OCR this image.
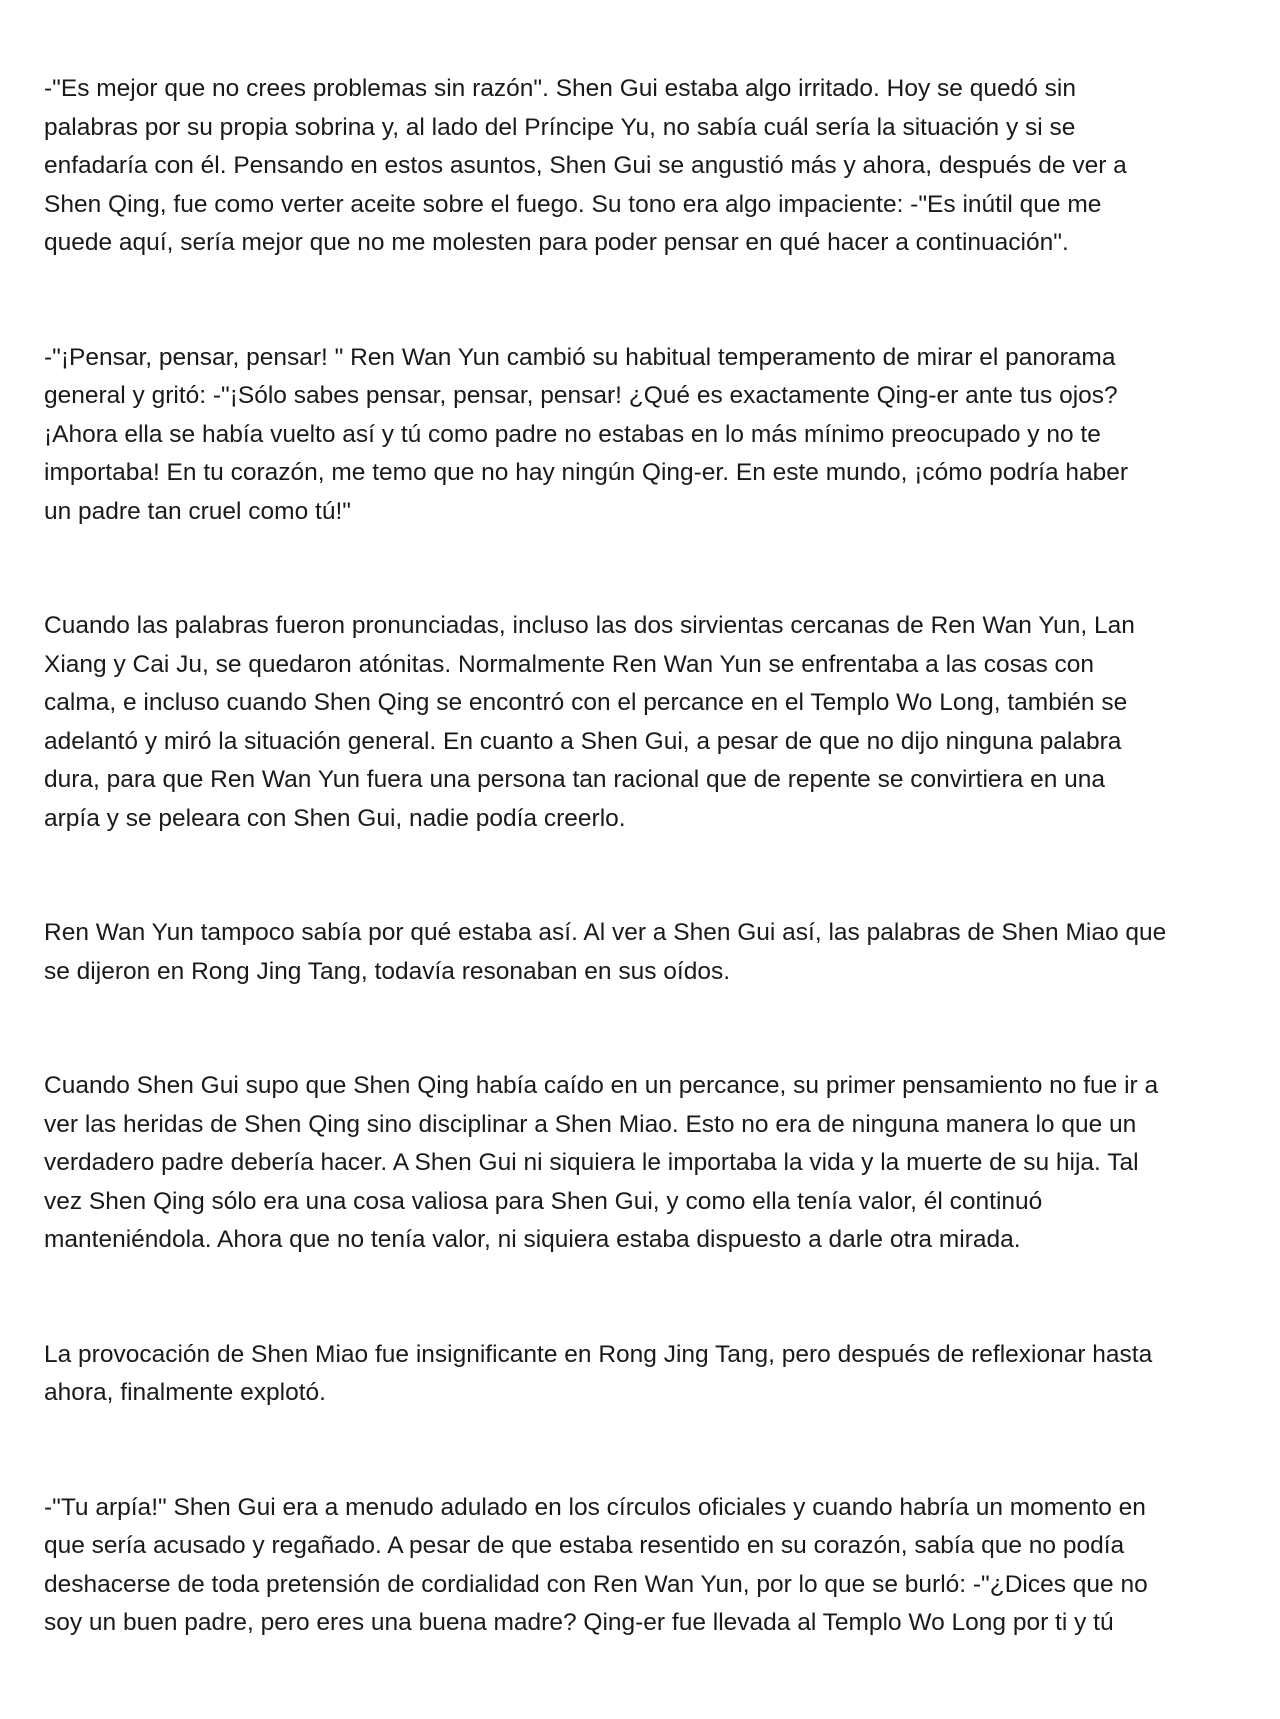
-"Es mejor que no crees problemas sin razón". Shen Gui estaba algo irritado. Hoy se quedó sin
palabras por su propia sobrina y, al lado del Príncipe Yu, no sabía cuál sería la situación y si se
enfadaría con él. Pensando en estos asuntos, Shen Gui se angustió más y ahora, después de ver a
Shen Qing, fue como verter aceite sobre el fuego. Su tono era algo impaciente: -"Es inútil que me
quede aquí, sería mejor que no me molesten para poder pensar en qué hacer a continuación".

-"¡Pensar, pensar, pensar! " Ren Wan Yun cambió su habitual temperamento de mirar el panorama
general y gritó: -"¡Sólo sabes pensar, pensar, pensar! ¿Qué es exactamente Qing-er ante tus ojos?
¡Ahora ella se había vuelto así y tú como padre no estabas en lo más mínimo preocupado y no te
importaba! En tu corazón, me temo que no hay ningún Qing-er. En este mundo, ¡cómo podría haber
un padre tan cruel como tú!"

Cuando las palabras fueron pronunciadas, incluso las dos sirvientas cercanas de Ren Wan Yun, Lan
Xiang y Cai Ju, se quedaron atónitas. Normalmente Ren Wan Yun se enfrentaba a las cosas con
calma, e incluso cuando Shen Qing se encontró con el percance en el Templo Wo Long, también se
adelantó y miró la situación general. En cuanto a Shen Gui, a pesar de que no dijo ninguna palabra
dura, para que Ren Wan Yun fuera una persona tan racional que de repente se convirtiera en una
arpía y se peleara con Shen Gui, nadie podía creerlo.

Ren Wan Yun tampoco sabía por qué estaba así. Al ver a Shen Gui así, las palabras de Shen Miao que
se dijeron en Rong Jing Tang, todavía resonaban en sus oídos.

Cuando Shen Gui supo que Shen Qing había caído en un percance, su primer pensamiento no fue ir a
ver las heridas de Shen Qing sino disciplinar a Shen Miao. Esto no era de ninguna manera lo que un
verdadero padre debería hacer. A Shen Gui ni siquiera le importaba la vida y la muerte de su hija. Tal
vez Shen Qing sólo era una cosa valiosa para Shen Gui, y como ella tenía valor, él continuó
manteniéndola. Ahora que no tenía valor, ni siquiera estaba dispuesto a darle otra mirada.

La provocación de Shen Miao fue insignificante en Rong Jing Tang, pero después de reflexionar hasta
ahora, finalmente explotó.

-"Tu arpía!" Shen Gui era a menudo adulado en los círculos oficiales y cuando habría un momento en
que sería acusado y regañado. A pesar de que estaba resentido en su corazón, sabía que no podía
deshacerse de toda pretensión de cordialidad con Ren Wan Yun, por lo que se burló: -"¿Dices que no
soy un buen padre, pero eres una buena madre? Qing-er fue llevada al Templo Wo Long por ti y tú
